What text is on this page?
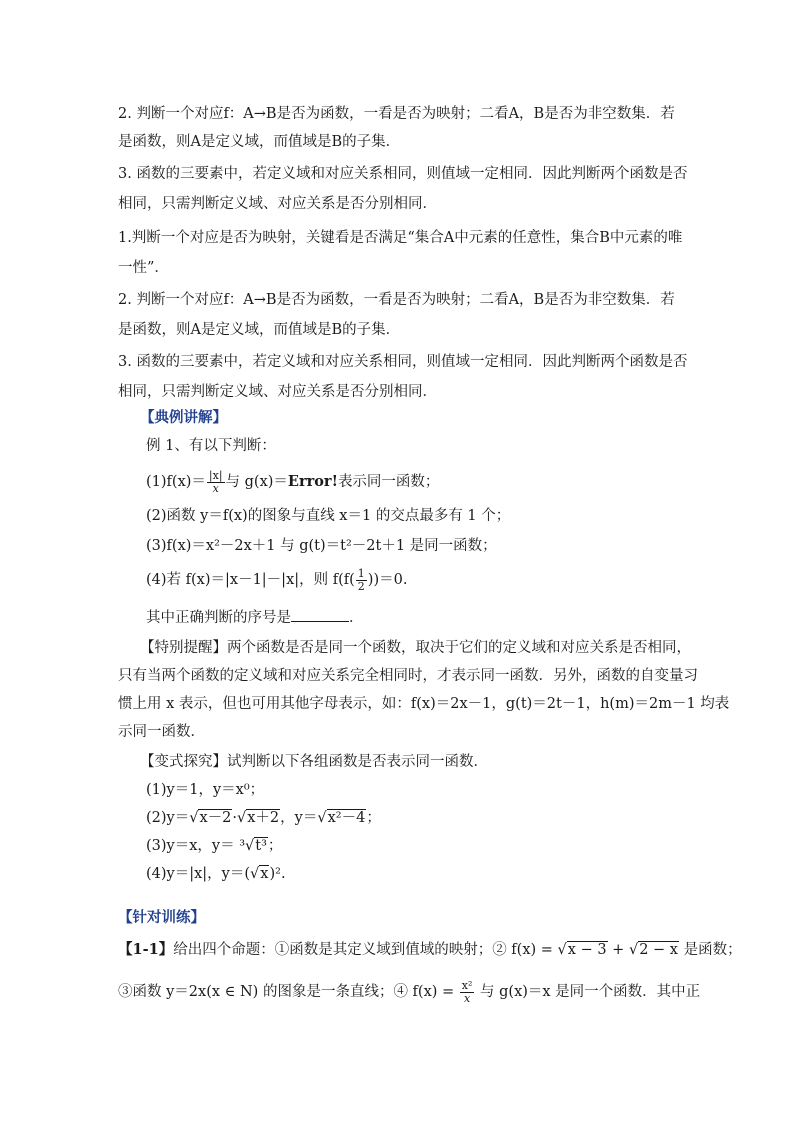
2. 判断一个对应f：A→B是否为函数，一看是否为映射；二看A，B是否为非空数集．若
是函数，则A是定义域，而值域是B的子集．
3. 函数的三要素中，若定义域和对应关系相同，则值域一定相同．因此判断两个函数是否
相同，只需判断定义域、对应关系是否分别相同．
1.判断一个对应是否为映射，关键看是否满足“集合A中元素的任意性，集合B中元素的唯
一性”．
2. 判断一个对应f：A→B是否为函数，一看是否为映射；二看A，B是否为非空数集．若
是函数，则A是定义域，而值域是B的子集．
3. 函数的三要素中，若定义域和对应关系相同，则值域一定相同．因此判断两个函数是否
相同，只需判断定义域、对应关系是否分别相同．
【典例讲解】
例 1、有以下判断：
$(1)f(x)= \frac{|x|}{x}$ 与 g(x)＝Error!表示同一函数；
(2)函数 y＝f(x)的图象与直线 x＝1 的交点最多有 1 个；
(3)f(x)＝x²－2x＋1 与 g(t)＝t²－2t＋1 是同一函数；
(4)若 f(x)＝|x－1|－|x|，则 $f(f( \frac{1}{2} ))=0$.
其中正确判断的序号是	．
【特别提醒】两个函数是否是同一个函数，取决于它们的定义域和对应关系是否相同，
只有当两个函数的定义域和对应关系完全相同时，才表示同一函数．另外，函数的自变量习
惯上用 x 表示，但也可用其他字母表示，如：f(x)＝2x－1，g(t)＝2t－1，h(m)＝2m－1 均表
示同一函数．
【变式探究】试判断以下各组函数是否表示同一函数．
(1)y＝1，y＝x⁰；
(2)y＝√x－2·√x＋2，y＝√x²－4；
(3)y＝x，y＝ ³√t³；
(4)y＝|x|，y＝(√x)².
【针对训练】
【1-1】给出四个命题：①函数是其定义域到值域的映射；② f(x) = √x − 3 + √2 − x 是函数；
③函数 y＝2x(x ∈ N) 的图象是一条直线；④ $f(x) = \frac{\text{x²}}{x}$ 与 g(x)＝x 是同一个函数．其中正
